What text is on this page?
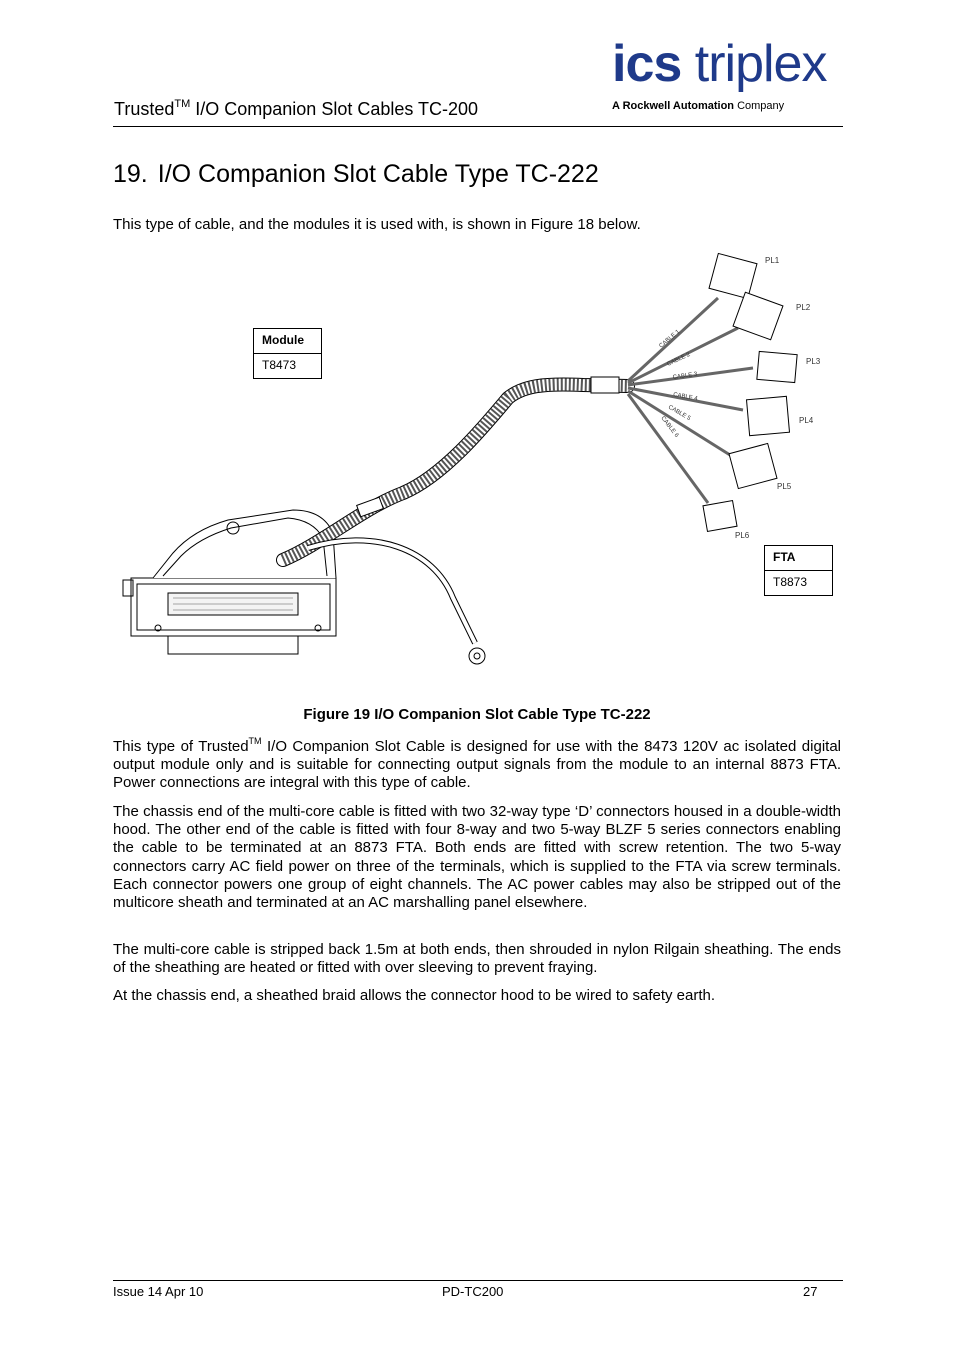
Trusted™ I/O Companion Slot Cables TC-200
ics triplex
A Rockwell Automation Company
19. I/O Companion Slot Cable Type TC-222

This type of cable, and the modules it is used with, is shown in Figure 18 below.

CABLE 1
CABLE 2
CABLE 3
CABLE 4
CABLE 5
CABLE 6
PL1
PL2
PL3
PL4
PL5
PL6
Module
T8473
FTA
T8873
Figure 19 I/O Companion Slot Cable Type TC-222

This type of Trusted™ I/O Companion Slot Cable is designed for use with the 8473 120V ac isolated digital output module only and is suitable for connecting output signals from the module to an internal 8873 FTA. Power connections are integral with this type of cable.

The chassis end of the multi-core cable is fitted with two 32-way type ‘D’ connectors housed in a double-width hood. The other end of the cable is fitted with four 8-way and two 5-way BLZF 5 series connectors enabling the cable to be terminated at an 8873 FTA. Both ends are fitted with screw retention. The two 5-way connectors carry AC field power on three of the terminals, which is supplied to the FTA via screw terminals. Each connector powers one group of eight channels. The AC power cables may also be stripped out of the multicore sheath and terminated at an AC marshalling panel elsewhere.

The multi-core cable is stripped back 1.5m at both ends, then shrouded in nylon Rilgain sheathing. The ends of the sheathing are heated or fitted with over sleeving to prevent fraying.

At the chassis end, a sheathed braid allows the connector hood to be wired to safety earth.

Issue 14 Apr 10	PD-TC200	27
